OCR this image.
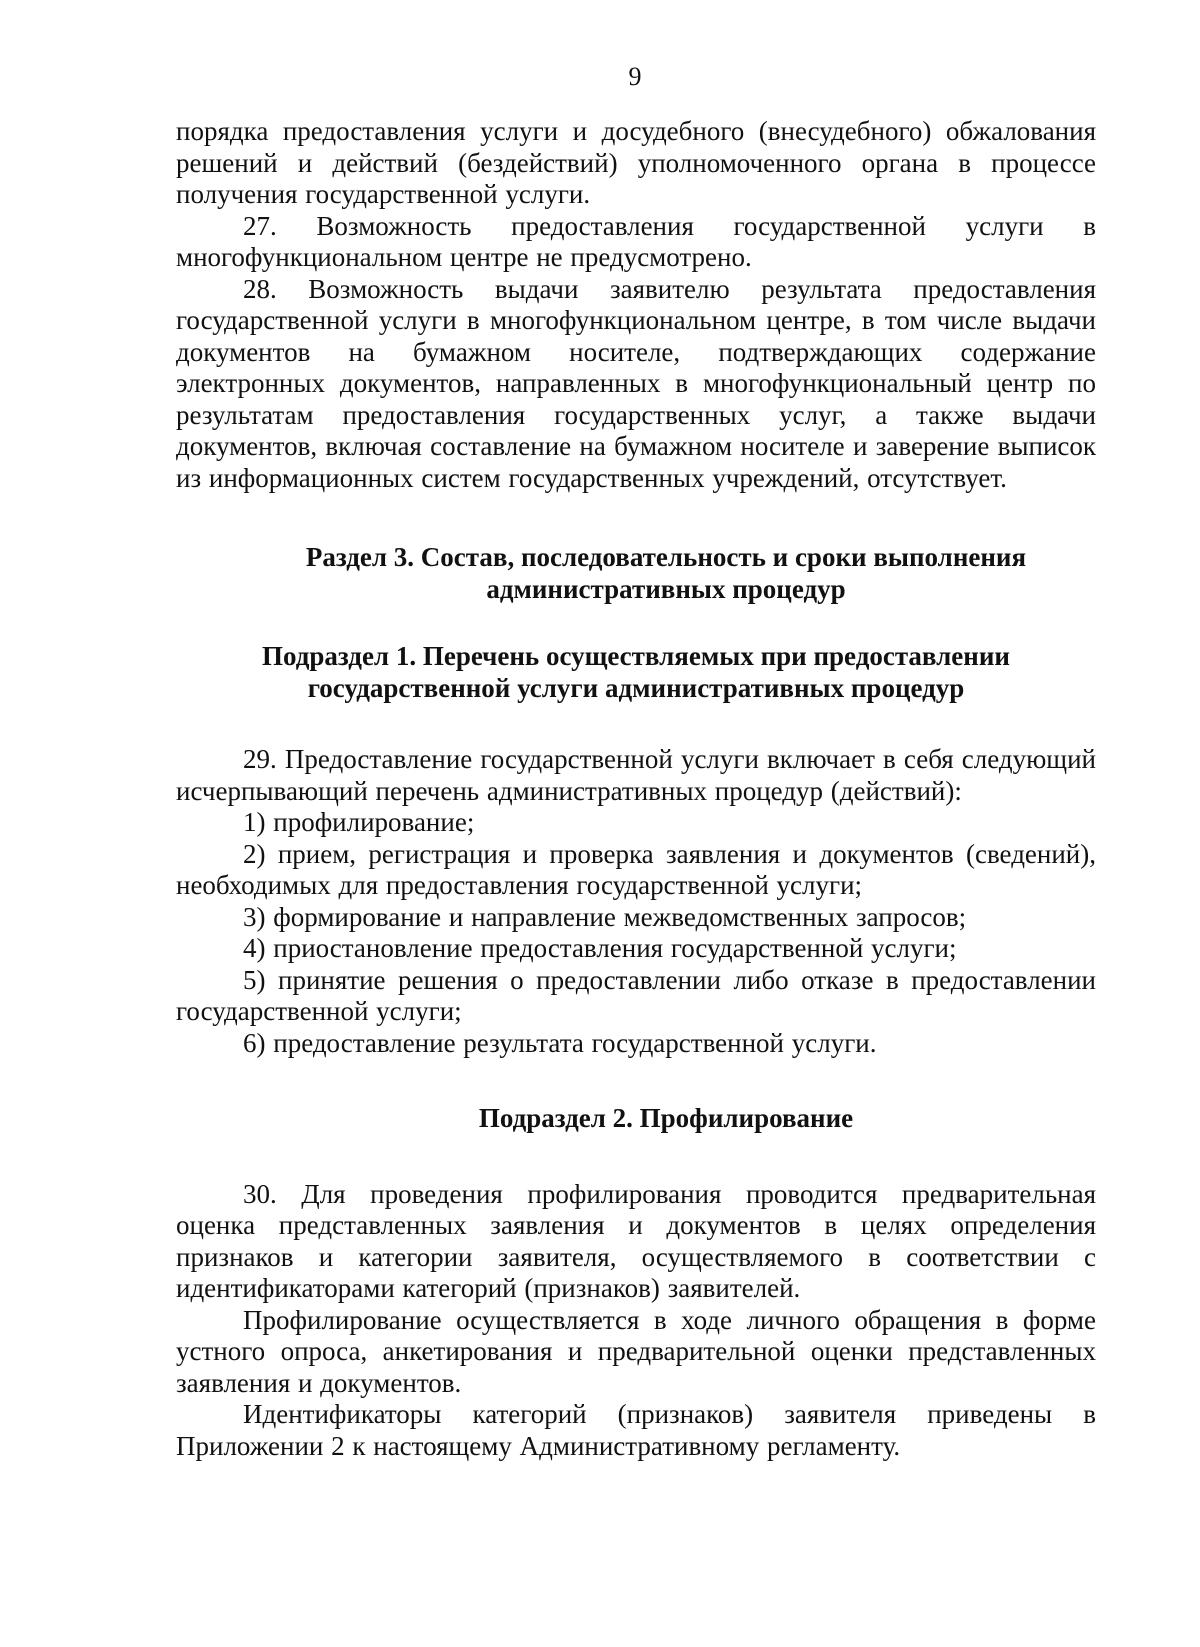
9

порядка предоставления услуги и досудебного (внесудебного) обжалования решений и действий (бездействий) уполномоченного органа в процессе получения государственной услуги.

27. Возможность предоставления государственной услуги в многофункциональном центре не предусмотрено.

28. Возможность выдачи заявителю результата предоставления государственной услуги в многофункциональном центре, в том числе выдачи документов на бумажном носителе, подтверждающих содержание электронных документов, направленных в многофункциональный центр по результатам предоставления государственных услуг, а также выдачи документов, включая составление на бумажном носителе и заверение выписок из информационных систем государственных учреждений, отсутствует.

Раздел 3. Состав, последовательность и сроки выполнения
административных процедур
Подраздел 1. Перечень осуществляемых при предоставлении
государственной услуги административных процедур

29. Предоставление государственной услуги включает в себя следующий исчерпывающий перечень административных процедур (действий):

1) профилирование;

2) прием, регистрация и проверка заявления и документов (сведений), необходимых для предоставления государственной услуги;

3) формирование и направление межведомственных запросов;

4) приостановление предоставления государственной услуги;

5) принятие решения о предоставлении либо отказе в предоставлении государственной услуги;

6) предоставление результата государственной услуги.

Подраздел 2. Профилирование

30. Для проведения профилирования проводится предварительная оценка представленных заявления и документов в целях определения признаков и категории заявителя, осуществляемого в соответствии с идентификаторами категорий (признаков) заявителей.

Профилирование осуществляется в ходе личного обращения в форме устного опроса, анкетирования и предварительной оценки представленных заявления и документов.

Идентификаторы категорий (признаков) заявителя приведены в Приложении 2 к настоящему Административному регламенту.
